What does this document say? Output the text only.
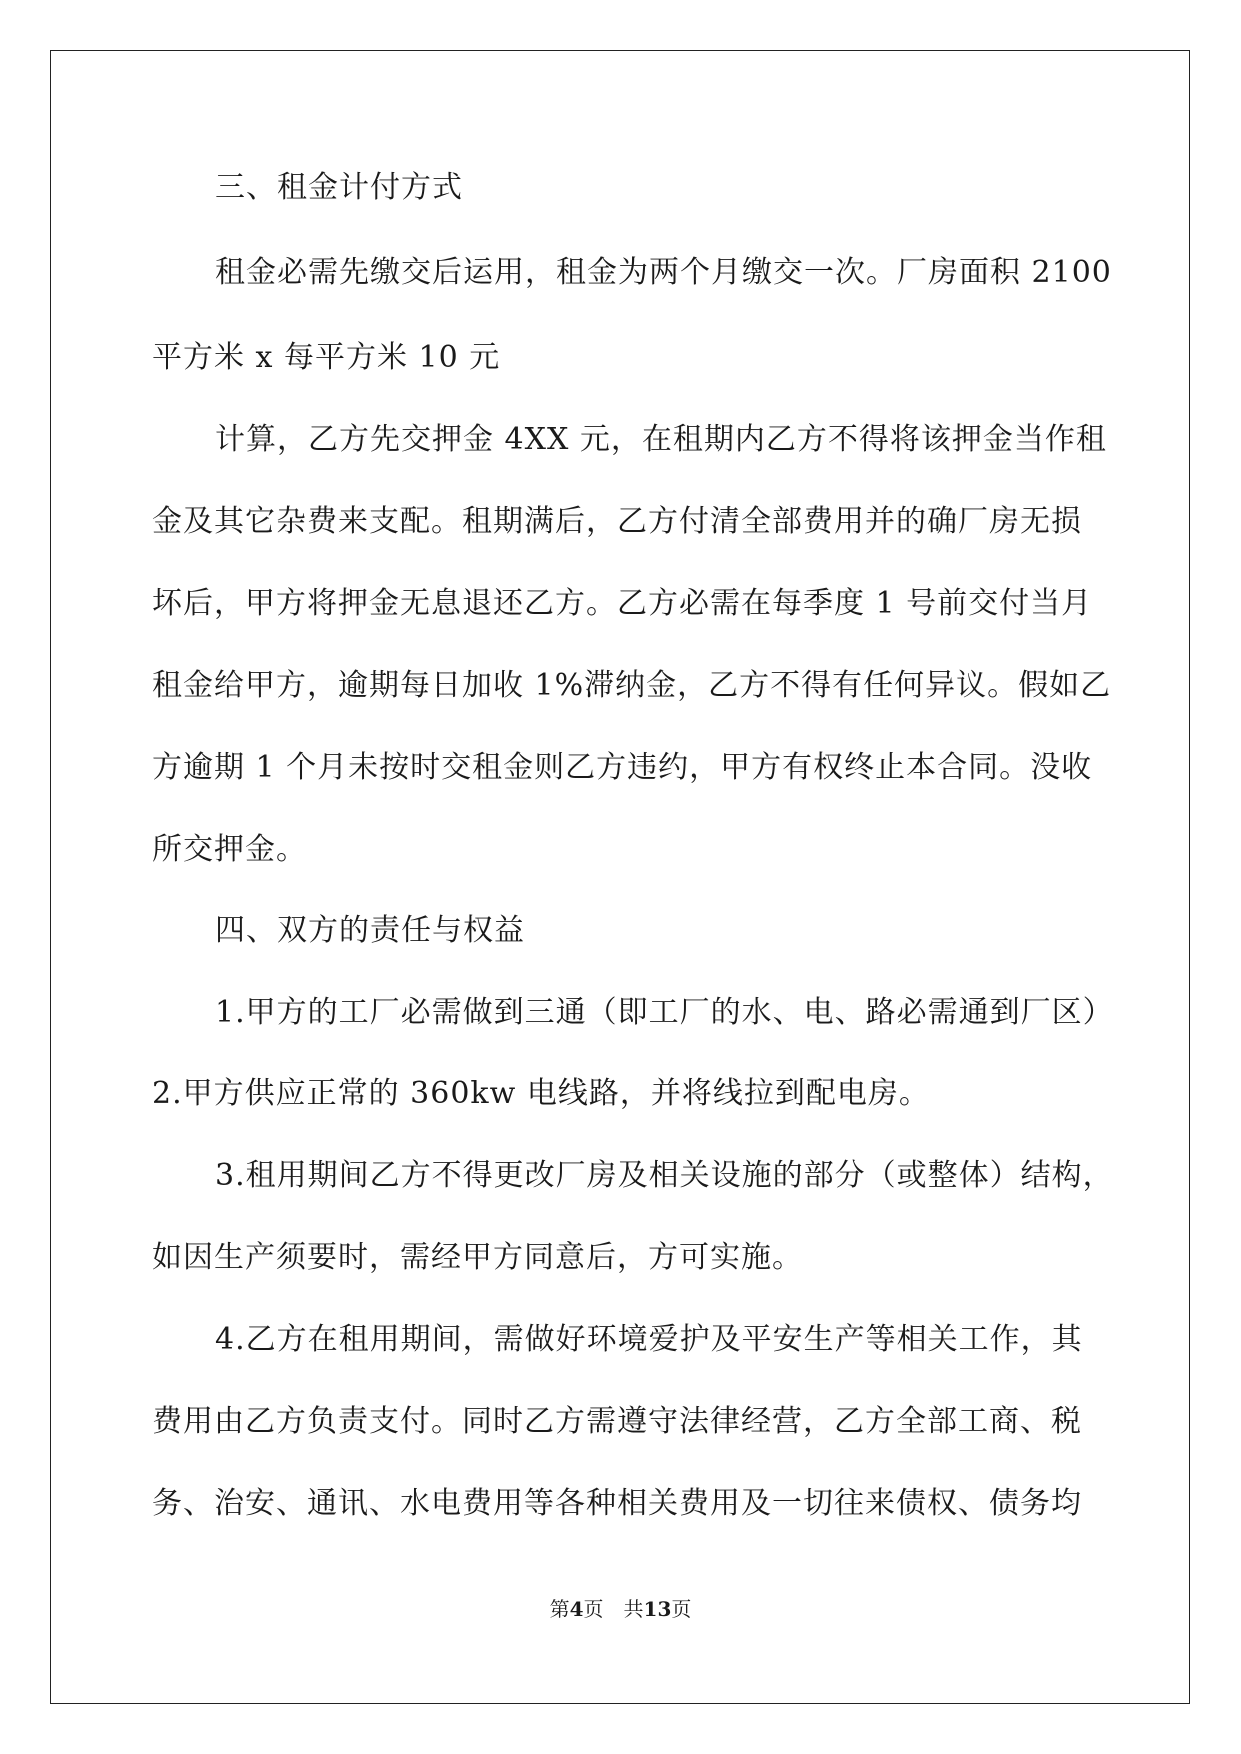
三、租金计付方式
租金必需先缴交后运用，租金为两个月缴交一次。厂房面积 2100
平方米 x 每平方米 10 元
计算，乙方先交押金 4XX 元，在租期内乙方不得将该押金当作租
金及其它杂费来支配。租期满后，乙方付清全部费用并的确厂房无损
坏后，甲方将押金无息退还乙方。乙方必需在每季度 1 号前交付当月
租金给甲方，逾期每日加收 1%滞纳金，乙方不得有任何异议。假如乙
方逾期 1 个月未按时交租金则乙方违约，甲方有权终止本合同。没收
所交押金。
四、双方的责任与权益
1.甲方的工厂必需做到三通（即工厂的水、电、路必需通到厂区）
2.甲方供应正常的 360kw 电线路，并将线拉到配电房。
3.租用期间乙方不得更改厂房及相关设施的部分（或整体）结构，
如因生产须要时，需经甲方同意后，方可实施。
4.乙方在租用期间，需做好环境爱护及平安生产等相关工作，其
费用由乙方负责支付。同时乙方需遵守法律经营，乙方全部工商、税
务、治安、通讯、水电费用等各种相关费用及一切往来债权、债务均
第4页 共13页
